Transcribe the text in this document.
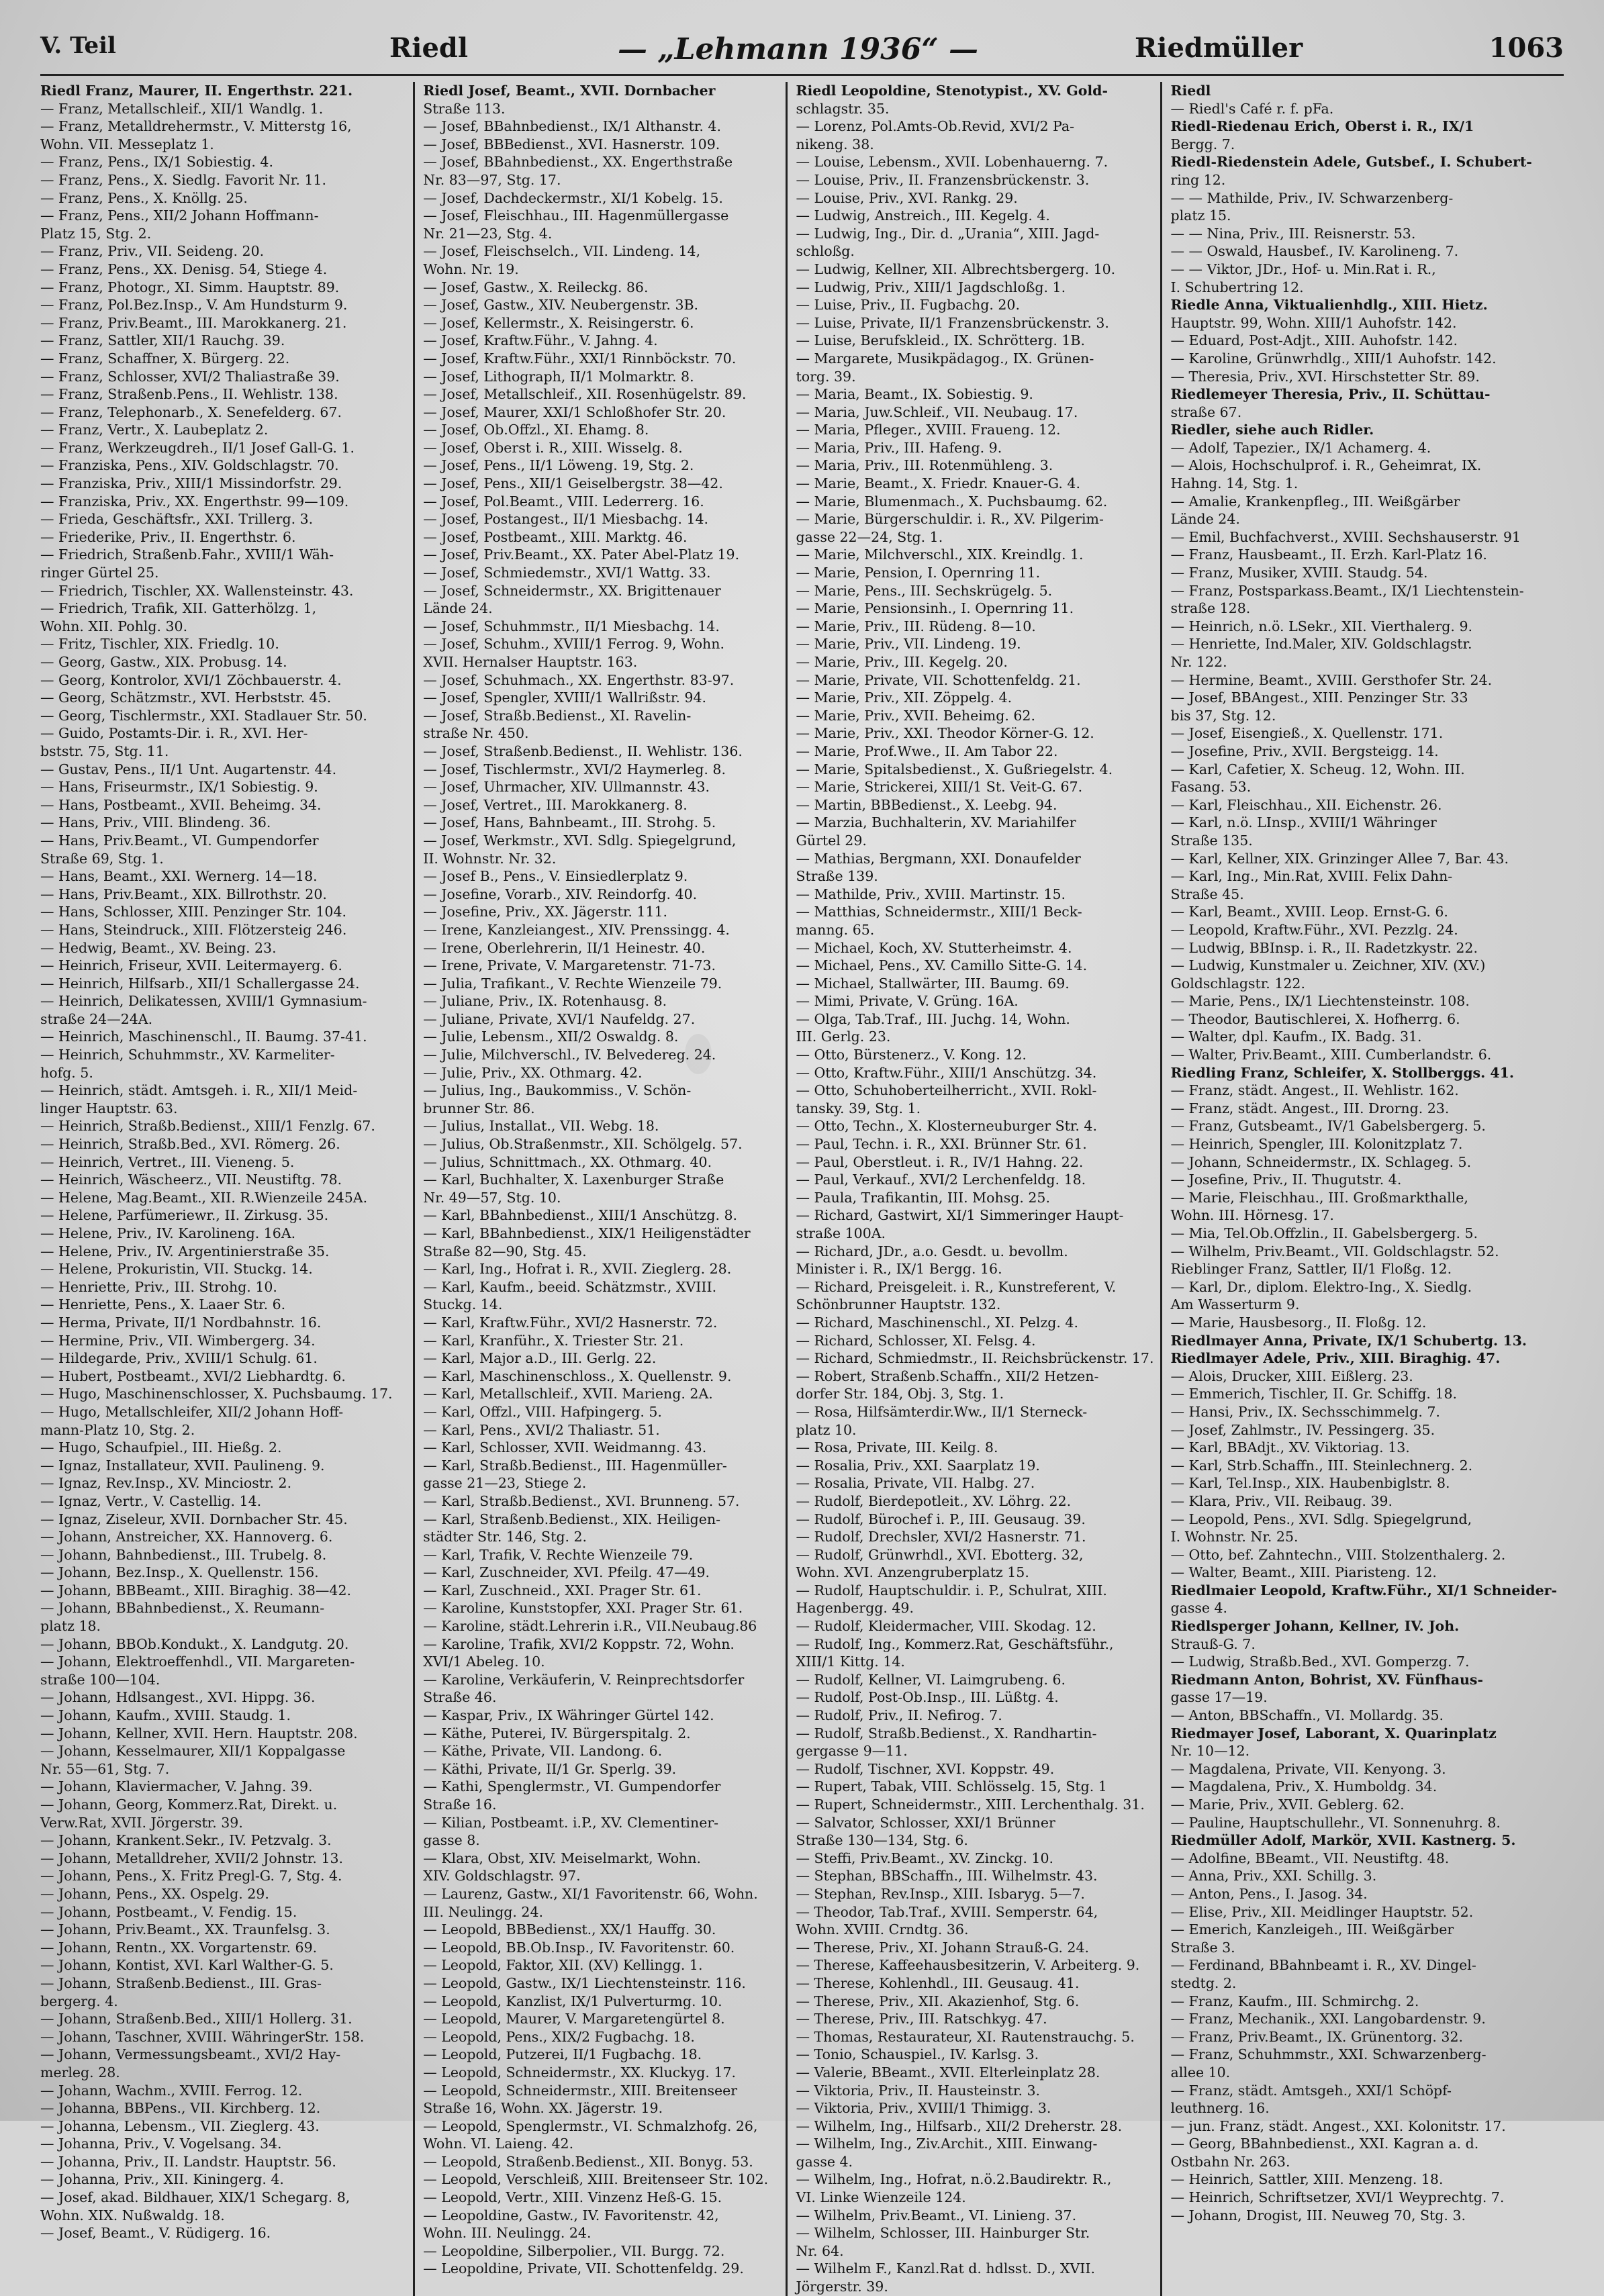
V. Teil	Riedl	— „Lehmann 1936“ —	Riedmüller	1063
Riedl Franz, Maurer, II. Engerthstr. 221.
— Franz, Metallschleif., XII/1 Wandlg. 1.
— Franz, Metalldrehermstr., V. Mitterstg 16,
Wohn. VII. Messeplatz 1.
— Franz, Pens., IX/1 Sobiestig. 4.
— Franz, Pens., X. Siedlg. Favorit Nr. 11.
— Franz, Pens., X. Knöllg. 25.
— Franz, Pens., XII/2 Johann Hoffmann-
Platz 15, Stg. 2.
— Franz, Priv., VII. Seideng. 20.
— Franz, Pens., XX. Denisg. 54, Stiege 4.
— Franz, Photogr., XI. Simm. Hauptstr. 89.
— Franz, Pol.Bez.Insp., V. Am Hundsturm 9.
— Franz, Priv.Beamt., III. Marokkanerg. 21.
— Franz, Sattler, XII/1 Rauchg. 39.
— Franz, Schaffner, X. Bürgerg. 22.
— Franz, Schlosser, XVI/2 Thaliastraße 39.
— Franz, Straßenb.Pens., II. Wehlistr. 138.
— Franz, Telephonarb., X. Senefelderg. 67.
— Franz, Vertr., X. Laubeplatz 2.
— Franz, Werkzeugdreh., II/1 Josef Gall-G. 1.
— Franziska, Pens., XIV. Goldschlagstr. 70.
— Franziska, Priv., XIII/1 Missindorfstr. 29.
— Franziska, Priv., XX. Engerthstr. 99—109.
— Frieda, Geschäftsfr., XXI. Trillerg. 3.
— Friederike, Priv., II. Engerthstr. 6.
— Friedrich, Straßenb.Fahr., XVIII/1 Wäh-
ringer Gürtel 25.
— Friedrich, Tischler, XX. Wallensteinstr. 43.
— Friedrich, Trafik, XII. Gatterhölzg. 1,
Wohn. XII. Pohlg. 30.
— Fritz, Tischler, XIX. Friedlg. 10.
— Georg, Gastw., XIX. Probusg. 14.
— Georg, Kontrolor, XVI/1 Zöchbauerstr. 4.
— Georg, Schätzmstr., XVI. Herbststr. 45.
— Georg, Tischlermstr., XXI. Stadlauer Str. 50.
— Guido, Postamts-Dir. i. R., XVI. Her-
bststr. 75, Stg. 11.
— Gustav, Pens., II/1 Unt. Augartenstr. 44.
— Hans, Friseurmstr., IX/1 Sobiestig. 9.
— Hans, Postbeamt., XVII. Beheimg. 34.
— Hans, Priv., VIII. Blindeng. 36.
— Hans, Priv.Beamt., VI. Gumpendorfer
Straße 69, Stg. 1.
— Hans, Beamt., XXI. Wernerg. 14—18.
— Hans, Priv.Beamt., XIX. Billrothstr. 20.
— Hans, Schlosser, XIII. Penzinger Str. 104.
— Hans, Steindruck., XIII. Flötzersteig 246.
— Hedwig, Beamt., XV. Being. 23.
— Heinrich, Friseur, XVII. Leitermayerg. 6.
— Heinrich, Hilfsarb., XII/1 Schallergasse 24.
— Heinrich, Delikatessen, XVIII/1 Gymnasium-
straße 24—24A.
— Heinrich, Maschinenschl., II. Baumg. 37-41.
— Heinrich, Schuhmmstr., XV. Karmeliter-
hofg. 5.
— Heinrich, städt. Amtsgeh. i. R., XII/1 Meid-
linger Hauptstr. 63.
— Heinrich, Straßb.Bedienst., XIII/1 Fenzlg. 67.
— Heinrich, Straßb.Bed., XVI. Römerg. 26.
— Heinrich, Vertret., III. Vieneng. 5.
— Heinrich, Wäscheerz., VII. Neustiftg. 78.
— Helene, Mag.Beamt., XII. R.Wienzeile 245A.
— Helene, Parfümeriewr., II. Zirkusg. 35.
— Helene, Priv., IV. Karolineng. 16A.
— Helene, Priv., IV. Argentinierstraße 35.
— Helene, Prokuristin, VII. Stuckg. 14.
— Henriette, Priv., III. Strohg. 10.
— Henriette, Pens., X. Laaer Str. 6.
— Herma, Private, II/1 Nordbahnstr. 16.
— Hermine, Priv., VII. Wimbergerg. 34.
— Hildegarde, Priv., XVIII/1 Schulg. 61.
— Hubert, Postbeamt., XVI/2 Liebhardtg. 6.
— Hugo, Maschinenschlosser, X. Puchsbaumg. 17.
— Hugo, Metallschleifer, XII/2 Johann Hoff-
mann-Platz 10, Stg. 2.
— Hugo, Schaufpiel., III. Hießg. 2.
— Ignaz, Installateur, XVII. Paulineng. 9.
— Ignaz, Rev.Insp., XV. Minciostr. 2.
— Ignaz, Vertr., V. Castellig. 14.
— Ignaz, Ziseleur, XVII. Dornbacher Str. 45.
— Johann, Anstreicher, XX. Hannoverg. 6.
— Johann, Bahnbedienst., III. Trubelg. 8.
— Johann, Bez.Insp., X. Quellenstr. 156.
— Johann, BBBeamt., XIII. Biraghig. 38—42.
— Johann, BBahnbedienst., X. Reumann-
platz 18.
— Johann, BBOb.Kondukt., X. Landgutg. 20.
— Johann, Elektroeffenhdl., VII. Margareten-
straße 100—104.
— Johann, Hdlsangest., XVI. Hippg. 36.
— Johann, Kaufm., XVIII. Staudg. 1.
— Johann, Kellner, XVII. Hern. Hauptstr. 208.
— Johann, Kesselmaurer, XII/1 Koppalgasse
Nr. 55—61, Stg. 7.
— Johann, Klaviermacher, V. Jahng. 39.
— Johann, Georg, Kommerz.Rat, Direkt. u.
Verw.Rat, XVII. Jörgerstr. 39.
— Johann, Krankent.Sekr., IV. Petzvalg. 3.
— Johann, Metalldreher, XVII/2 Johnstr. 13.
— Johann, Pens., X. Fritz Pregl-G. 7, Stg. 4.
— Johann, Pens., XX. Ospelg. 29.
— Johann, Postbeamt., V. Fendig. 15.
— Johann, Priv.Beamt., XX. Traunfelsg. 3.
— Johann, Rentn., XX. Vorgartenstr. 69.
— Johann, Kontist, XVI. Karl Walther-G. 5.
— Johann, Straßenb.Bedienst., III. Gras-
bergerg. 4.
— Johann, Straßenb.Bed., XIII/1 Hollerg. 31.
— Johann, Taschner, XVIII. WähringerStr. 158.
— Johann, Vermessungsbeamt., XVI/2 Hay-
merleg. 28.
— Johann, Wachm., XVIII. Ferrog. 12.
— Johanna, BBPens., VII. Kirchberg. 12.
— Johanna, Lebensm., VII. Zieglerg. 43.
— Johanna, Priv., V. Vogelsang. 34.
— Johanna, Priv., II. Landstr. Hauptstr. 56.
— Johanna, Priv., XII. Kiningerg. 4.
— Josef, akad. Bildhauer, XIX/1 Schegarg. 8,
Wohn. XIX. Nußwaldg. 18.
— Josef, Beamt., V. Rüdigerg. 16.
Riedl Josef, Beamt., XVII. Dornbacher
Straße 113.
— Josef, BBahnbedienst., IX/1 Althanstr. 4.
— Josef, BBBedienst., XVI. Hasnerstr. 109.
— Josef, BBahnbedienst., XX. Engerthstraße
Nr. 83—97, Stg. 17.
— Josef, Dachdeckermstr., XI/1 Kobelg. 15.
— Josef, Fleischhau., III. Hagenmüllergasse
Nr. 21—23, Stg. 4.
— Josef, Fleischselch., VII. Lindeng. 14,
Wohn. Nr. 19.
— Josef, Gastw., X. Reileckg. 86.
— Josef, Gastw., XIV. Neubergenstr. 3B.
— Josef, Kellermstr., X. Reisingerstr. 6.
— Josef, Kraftw.Führ., V. Jahng. 4.
— Josef, Kraftw.Führ., XXI/1 Rinnböckstr. 70.
— Josef, Lithograph, II/1 Molmarktr. 8.
— Josef, Metallschleif., XII. Rosenhügelstr. 89.
— Josef, Maurer, XXI/1 Schloßhofer Str. 20.
— Josef, Ob.Offzl., XI. Ehamg. 8.
— Josef, Oberst i. R., XIII. Wisselg. 8.
— Josef, Pens., II/1 Löweng. 19, Stg. 2.
— Josef, Pens., XII/1 Geiselbergstr. 38—42.
— Josef, Pol.Beamt., VIII. Lederrerg. 16.
— Josef, Postangest., II/1 Miesbachg. 14.
— Josef, Postbeamt., XIII. Marktg. 46.
— Josef, Priv.Beamt., XX. Pater Abel-Platz 19.
— Josef, Schmiedemstr., XVI/1 Wattg. 33.
— Josef, Schneidermstr., XX. Brigittenauer
Lände 24.
— Josef, Schuhmmstr., II/1 Miesbachg. 14.
— Josef, Schuhm., XVIII/1 Ferrog. 9, Wohn.
XVII. Hernalser Hauptstr. 163.
— Josef, Schuhmach., XX. Engerthstr. 83-97.
— Josef, Spengler, XVIII/1 Wallrißstr. 94.
— Josef, Straßb.Bedienst., XI. Ravelin-
straße Nr. 450.
— Josef, Straßenb.Bedienst., II. Wehlistr. 136.
— Josef, Tischlermstr., XVI/2 Haymerleg. 8.
— Josef, Uhrmacher, XIV. Ullmannstr. 43.
— Josef, Vertret., III. Marokkanerg. 8.
— Josef, Hans, Bahnbeamt., III. Strohg. 5.
— Josef, Werkmstr., XVI. Sdlg. Spiegelgrund,
II. Wohnstr. Nr. 32.
— Josef B., Pens., V. Einsiedlerplatz 9.
— Josefine, Vorarb., XIV. Reindorfg. 40.
— Josefine, Priv., XX. Jägerstr. 111.
— Irene, Kanzleiangest., XIV. Prenssingg. 4.
— Irene, Oberlehrerin, II/1 Heinestr. 40.
— Irene, Private, V. Margaretenstr. 71-73.
— Julia, Trafikant., V. Rechte Wienzeile 79.
— Juliane, Priv., IX. Rotenhausg. 8.
— Juliane, Private, XVI/1 Naufeldg. 27.
— Julie, Lebensm., XII/2 Oswaldg. 8.
— Julie, Milchverschl., IV. Belvedereg. 24.
— Julie, Priv., XX. Othmarg. 42.
— Julius, Ing., Baukommiss., V. Schön-
brunner Str. 86.
— Julius, Installat., VII. Webg. 18.
— Julius, Ob.Straßenmstr., XII. Schölgelg. 57.
— Julius, Schnittmach., XX. Othmarg. 40.
— Karl, Buchhalter, X. Laxenburger Straße
Nr. 49—57, Stg. 10.
— Karl, BBahnbedienst., XIII/1 Anschützg. 8.
— Karl, BBahnbedienst., XIX/1 Heiligenstädter
Straße 82—90, Stg. 45.
— Karl, Ing., Hofrat i. R., XVII. Zieglerg. 28.
— Karl, Kaufm., beeid. Schätzmstr., XVIII.
Stuckg. 14.
— Karl, Kraftw.Führ., XVI/2 Hasnerstr. 72.
— Karl, Kranführ., X. Triester Str. 21.
— Karl, Major a.D., III. Gerlg. 22.
— Karl, Maschinenschloss., X. Quellenstr. 9.
— Karl, Metallschleif., XVII. Marieng. 2A.
— Karl, Offzl., VIII. Hafpingerg. 5.
— Karl, Pens., XVI/2 Thaliastr. 51.
— Karl, Schlosser, XVII. Weidmanng. 43.
— Karl, Straßb.Bedienst., III. Hagenmüller-
gasse 21—23, Stiege 2.
— Karl, Straßb.Bedienst., XVI. Brunneng. 57.
— Karl, Straßenb.Bedienst., XIX. Heiligen-
städter Str. 146, Stg. 2.
— Karl, Trafik, V. Rechte Wienzeile 79.
— Karl, Zuschneider, XVI. Pfeilg. 47—49.
— Karl, Zuschneid., XXI. Prager Str. 61.
— Karoline, Kunststopfer, XXI. Prager Str. 61.
— Karoline, städt.Lehrerin i.R., VII.Neubaug.86
— Karoline, Trafik, XVI/2 Koppstr. 72, Wohn.
XVI/1 Abeleg. 10.
— Karoline, Verkäuferin, V. Reinprechtsdorfer
Straße 46.
— Kaspar, Priv., IX Währinger Gürtel 142.
— Käthe, Puterei, IV. Bürgerspitalg. 2.
— Käthe, Private, VII. Landong. 6.
— Käthi, Private, II/1 Gr. Sperlg. 39.
— Kathi, Spenglermstr., VI. Gumpendorfer
Straße 16.
— Kilian, Postbeamt. i.P., XV. Clementiner-
gasse 8.
— Klara, Obst, XIV. Meiselmarkt, Wohn.
XIV. Goldschlagstr. 97.
— Laurenz, Gastw., XI/1 Favoritenstr. 66, Wohn.
III. Neulingg. 24.
— Leopold, BBBedienst., XX/1 Hauffg. 30.
— Leopold, BB.Ob.Insp., IV. Favoritenstr. 60.
— Leopold, Faktor, XII. (XV) Kellingg. 1.
— Leopold, Gastw., IX/1 Liechtensteinstr. 116.
— Leopold, Kanzlist, IX/1 Pulverturmg. 10.
— Leopold, Maurer, V. Margaretengürtel 8.
— Leopold, Pens., XIX/2 Fugbachg. 18.
— Leopold, Putzerei, II/1 Fugbachg. 18.
— Leopold, Schneidermstr., XX. Kluckyg. 17.
— Leopold, Schneidermstr., XIII. Breitenseer
Straße 16, Wohn. XX. Jägerstr. 19.
— Leopold, Spenglermstr., VI. Schmalzhofg. 26,
Wohn. VI. Laieng. 42.
— Leopold, Straßenb.Bedienst., XII. Bonyg. 53.
— Leopold, Verschleiß, XIII. Breitenseer Str. 102.
— Leopold, Vertr., XIII. Vinzenz Heß-G. 15.
— Leopoldine, Gastw., IV. Favoritenstr. 42,
Wohn. III. Neulingg. 24.
— Leopoldine, Silberpolier., VII. Burgg. 72.
— Leopoldine, Private, VII. Schottenfeldg. 29.
Riedl Leopoldine, Stenotypist., XV. Gold-
schlagstr. 35.
— Lorenz, Pol.Amts-Ob.Revid, XVI/2 Pa-
nikeng. 38.
— Louise, Lebensm., XVII. Lobenhauerng. 7.
— Louise, Priv., II. Franzensbrückenstr. 3.
— Louise, Priv., XVI. Rankg. 29.
— Ludwig, Anstreich., III. Kegelg. 4.
— Ludwig, Ing., Dir. d. „Urania“, XIII. Jagd-
schloßg.
— Ludwig, Kellner, XII. Albrechtsbergerg. 10.
— Ludwig, Priv., XIII/1 Jagdschloßg. 1.
— Luise, Priv., II. Fugbachg. 20.
— Luise, Private, II/1 Franzensbrückenstr. 3.
— Luise, Berufskleid., IX. Schrötterg. 1B.
— Margarete, Musikpädagog., IX. Grünen-
torg. 39.
— Maria, Beamt., IX. Sobiestig. 9.
— Maria, Juw.Schleif., VII. Neubaug. 17.
— Maria, Pfleger., XVIII. Fraueng. 12.
— Maria, Priv., III. Hafeng. 9.
— Maria, Priv., III. Rotenmühleng. 3.
— Marie, Beamt., X. Friedr. Knauer-G. 4.
— Marie, Blumenmach., X. Puchsbaumg. 62.
— Marie, Bürgerschuldir. i. R., XV. Pilgerim-
gasse 22—24, Stg. 1.
— Marie, Milchverschl., XIX. Kreindlg. 1.
— Marie, Pension, I. Opernring 11.
— Marie, Pens., III. Sechskrügelg. 5.
— Marie, Pensionsinh., I. Opernring 11.
— Marie, Priv., III. Rüdeng. 8—10.
— Marie, Priv., VII. Lindeng. 19.
— Marie, Priv., III. Kegelg. 20.
— Marie, Private, VII. Schottenfeldg. 21.
— Marie, Priv., XII. Zöppelg. 4.
— Marie, Priv., XVII. Beheimg. 62.
— Marie, Priv., XXI. Theodor Körner-G. 12.
— Marie, Prof.Wwe., II. Am Tabor 22.
— Marie, Spitalsbedienst., X. Gußriegelstr. 4.
— Marie, Strickerei, XIII/1 St. Veit-G. 67.
— Martin, BBBedienst., X. Leebg. 94.
— Marzia, Buchhalterin, XV. Mariahilfer
Gürtel 29.
— Mathias, Bergmann, XXI. Donaufelder
Straße 139.
— Mathilde, Priv., XVIII. Martinstr. 15.
— Matthias, Schneidermstr., XIII/1 Beck-
manng. 65.
— Michael, Koch, XV. Stutterheimstr. 4.
— Michael, Pens., XV. Camillo Sitte-G. 14.
— Michael, Stallwärter, III. Baumg. 69.
— Mimi, Private, V. Grüng. 16A.
— Olga, Tab.Traf., III. Juchg. 14, Wohn.
III. Gerlg. 23.
— Otto, Bürstenerz., V. Kong. 12.
— Otto, Kraftw.Führ., XIII/1 Anschützg. 34.
— Otto, Schuhoberteilherricht., XVII. Rokl-
tansky. 39, Stg. 1.
— Otto, Techn., X. Klosterneuburger Str. 4.
— Paul, Techn. i. R., XXI. Brünner Str. 61.
— Paul, Oberstleut. i. R., IV/1 Hahng. 22.
— Paul, Verkauf., XVI/2 Lerchenfeldg. 18.
— Paula, Trafikantin, III. Mohsg. 25.
— Richard, Gastwirt, XI/1 Simmeringer Haupt-
straße 100A.
— Richard, JDr., a.o. Gesdt. u. bevollm.
Minister i. R., IX/1 Bergg. 16.
— Richard, Preisgeleit. i. R., Kunstreferent, V.
Schönbrunner Hauptstr. 132.
— Richard, Maschinenschl., XI. Pelzg. 4.
— Richard, Schlosser, XI. Felsg. 4.
— Richard, Schmiedmstr., II. Reichsbrückenstr. 17.
— Robert, Straßenb.Schaffn., XII/2 Hetzen-
dorfer Str. 184, Obj. 3, Stg. 1.
— Rosa, Hilfsämterdir.Ww., II/1 Sterneck-
platz 10.
— Rosa, Private, III. Keilg. 8.
— Rosalia, Priv., XXI. Saarplatz 19.
— Rosalia, Private, VII. Halbg. 27.
— Rudolf, Bierdepotleit., XV. Löhrg. 22.
— Rudolf, Bürochef i. P., III. Geusaug. 39.
— Rudolf, Drechsler, XVI/2 Hasnerstr. 71.
— Rudolf, Grünwrhdl., XVI. Ebotterg. 32,
Wohn. XVI. Anzengruberplatz 15.
— Rudolf, Hauptschuldir. i. P., Schulrat, XIII.
Hagenbergg. 49.
— Rudolf, Kleidermacher, VIII. Skodag. 12.
— Rudolf, Ing., Kommerz.Rat, Geschäftsführ.,
XIII/1 Kittg. 14.
— Rudolf, Kellner, VI. Laimgrubeng. 6.
— Rudolf, Post-Ob.Insp., III. Lüßtg. 4.
— Rudolf, Priv., II. Nefirog. 7.
— Rudolf, Straßb.Bedienst., X. Randhartin-
gergasse 9—11.
— Rudolf, Tischner, XVI. Koppstr. 49.
— Rupert, Tabak, VIII. Schlösselg. 15, Stg. 1
— Rupert, Schneidermstr., XIII. Lerchenthalg. 31.
— Salvator, Schlosser, XXI/1 Brünner
Straße 130—134, Stg. 6.
— Steffi, Priv.Beamt., XV. Zinckg. 10.
— Stephan, BBSchaffn., III. Wilhelmstr. 43.
— Stephan, Rev.Insp., XIII. Isbaryg. 5—7.
— Theodor, Tab.Traf., XVIII. Semperstr. 64,
Wohn. XVIII. Crndtg. 36.
— Therese, Priv., XI. Johann Strauß-G. 24.
— Therese, Kaffeehausbesitzerin, V. Arbeiterg. 9.
— Therese, Kohlenhdl., III. Geusaug. 41.
— Therese, Priv., XII. Akazienhof, Stg. 6.
— Therese, Priv., III. Ratschkyg. 47.
— Thomas, Restaurateur, XI. Rautenstrauchg. 5.
— Tonio, Schauspiel., IV. Karlsg. 3.
— Valerie, BBeamt., XVII. Elterleinplatz 28.
— Viktoria, Priv., II. Hausteinstr. 3.
— Viktoria, Priv., XVIII/1 Thimigg. 3.
— Wilhelm, Ing., Hilfsarb., XII/2 Dreherstr. 28.
— Wilhelm, Ing., Ziv.Archit., XIII. Einwang-
gasse 4.
— Wilhelm, Ing., Hofrat, n.ö.2.Baudirektr. R.,
VI. Linke Wienzeile 124.
— Wilhelm, Priv.Beamt., VI. Linieng. 37.
— Wilhelm, Schlosser, III. Hainburger Str.
Nr. 64.
— Wilhelm F., Kanzl.Rat d. hdlsst. D., XVII.
Jörgerstr. 39.
Riedl
— Riedl's Café r. f. pFa.
Riedl-Riedenau Erich, Oberst i. R., IX/1
Bergg. 7.
Riedl-Riedenstein Adele, Gutsbef., I. Schubert-
ring 12.
— — Mathilde, Priv., IV. Schwarzenberg-
platz 15.
— — Nina, Priv., III. Reisnerstr. 53.
— — Oswald, Hausbef., IV. Karolineng. 7.
— — Viktor, JDr., Hof- u. Min.Rat i. R.,
I. Schubertring 12.
Riedle Anna, Viktualienhdlg., XIII. Hietz.
Hauptstr. 99, Wohn. XIII/1 Auhofstr. 142.
— Eduard, Post-Adjt., XIII. Auhofstr. 142.
— Karoline, Grünwrhdlg., XIII/1 Auhofstr. 142.
— Theresia, Priv., XVI. Hirschstetter Str. 89.
Riedlemeyer Theresia, Priv., II. Schüttau-
straße 67.
Riedler, siehe auch Ridler.
— Adolf, Tapezier., IX/1 Achamerg. 4.
— Alois, Hochschulprof. i. R., Geheimrat, IX.
Hahng. 14, Stg. 1.
— Amalie, Krankenpfleg., III. Weißgärber
Lände 24.
— Emil, Buchfachverst., XVIII. Sechshauserstr. 91
— Franz, Hausbeamt., II. Erzh. Karl-Platz 16.
— Franz, Musiker, XVIII. Staudg. 54.
— Franz, Postsparkass.Beamt., IX/1 Liechtenstein-
straße 128.
— Heinrich, n.ö. LSekr., XII. Vierthalerg. 9.
— Henriette, Ind.Maler, XIV. Goldschlagstr.
Nr. 122.
— Hermine, Beamt., XVIII. Gersthofer Str. 24.
— Josef, BBAngest., XIII. Penzinger Str. 33
bis 37, Stg. 12.
— Josef, Eisengieß., X. Quellenstr. 171.
— Josefine, Priv., XVII. Bergsteigg. 14.
— Karl, Cafetier, X. Scheug. 12, Wohn. III.
Fasang. 53.
— Karl, Fleischhau., XII. Eichenstr. 26.
— Karl, n.ö. LInsp., XVIII/1 Währinger
Straße 135.
— Karl, Kellner, XIX. Grinzinger Allee 7, Bar. 43.
— Karl, Ing., Min.Rat, XVIII. Felix Dahn-
Straße 45.
— Karl, Beamt., XVIII. Leop. Ernst-G. 6.
— Leopold, Kraftw.Führ., XVI. Pezzlg. 24.
— Ludwig, BBInsp. i. R., II. Radetzkystr. 22.
— Ludwig, Kunstmaler u. Zeichner, XIV. (XV.)
Goldschlagstr. 122.
— Marie, Pens., IX/1 Liechtensteinstr. 108.
— Theodor, Bautischlerei, X. Hofherrg. 6.
— Walter, dpl. Kaufm., IX. Badg. 31.
— Walter, Priv.Beamt., XIII. Cumberlandstr. 6.
Riedling Franz, Schleifer, X. Stollberggs. 41.
— Franz, städt. Angest., II. Wehlistr. 162.
— Franz, städt. Angest., III. Drorng. 23.
— Franz, Gutsbeamt., IV/1 Gabelsbergerg. 5.
— Heinrich, Spengler, III. Kolonitzplatz 7.
— Johann, Schneidermstr., IX. Schlageg. 5.
— Josefine, Priv., II. Thugutstr. 4.
— Marie, Fleischhau., III. Großmarkthalle,
Wohn. III. Hörnesg. 17.
— Mia, Tel.Ob.Offzlin., II. Gabelsbergerg. 5.
— Wilhelm, Priv.Beamt., VII. Goldschlagstr. 52.
Rieblinger Franz, Sattler, II/1 Floßg. 12.
— Karl, Dr., diplom. Elektro-Ing., X. Siedlg.
Am Wasserturm 9.
— Marie, Hausbesorg., II. Floßg. 12.
Riedlmayer Anna, Private, IX/1 Schubertg. 13.
Riedlmayer Adele, Priv., XIII. Biraghig. 47.
— Alois, Drucker, XIII. Eißlerg. 23.
— Emmerich, Tischler, II. Gr. Schiffg. 18.
— Hansi, Priv., IX. Sechsschimmelg. 7.
— Josef, Zahlmstr., IV. Pessingerg. 35.
— Karl, BBAdjt., XV. Viktoriag. 13.
— Karl, Strb.Schaffn., III. Steinlechnerg. 2.
— Karl, Tel.Insp., XIX. Haubenbiglstr. 8.
— Klara, Priv., VII. Reibaug. 39.
— Leopold, Pens., XVI. Sdlg. Spiegelgrund,
I. Wohnstr. Nr. 25.
— Otto, bef. Zahntechn., VIII. Stolzenthalerg. 2.
— Walter, Beamt., XIII. Piaristeng. 12.
Riedlmaier Leopold, Kraftw.Führ., XI/1 Schneider-
gasse 4.
Riedlsperger Johann, Kellner, IV. Joh.
Strauß-G. 7.
— Ludwig, Straßb.Bed., XVI. Gomperzg. 7.
Riedmann Anton, Bohrist, XV. Fünfhaus-
gasse 17—19.
— Anton, BBSchaffn., VI. Mollardg. 35.
Riedmayer Josef, Laborant, X. Quarinplatz
Nr. 10—12.
— Magdalena, Private, VII. Kenyong. 3.
— Magdalena, Priv., X. Humboldg. 34.
— Marie, Priv., XVII. Geblerg. 62.
— Pauline, Hauptschullehr., VI. Sonnenuhrg. 8.
Riedmüller Adolf, Markör, XVII. Kastnerg. 5.
— Adolfine, BBeamt., VII. Neustiftg. 48.
— Anna, Priv., XXI. Schillg. 3.
— Anton, Pens., I. Jasog. 34.
— Elise, Priv., XII. Meidlinger Hauptstr. 52.
— Emerich, Kanzleigeh., III. Weißgärber
Straße 3.
— Ferdinand, BBahnbeamt i. R., XV. Dingel-
stedtg. 2.
— Franz, Kaufm., III. Schmirchg. 2.
— Franz, Mechanik., XXI. Langobardenstr. 9.
— Franz, Priv.Beamt., IX. Grünentorg. 32.
— Franz, Schuhmmstr., XXI. Schwarzenberg-
allee 10.
— Franz, städt. Amtsgeh., XXI/1 Schöpf-
leuthnerg. 16.
— jun. Franz, städt. Angest., XXI. Kolonitstr. 17.
— Georg, BBahnbedienst., XXI. Kagran a. d.
Ostbahn Nr. 263.
— Heinrich, Sattler, XIII. Menzeng. 18.
— Heinrich, Schriftsetzer, XVI/1 Weyprechtg. 7.
— Johann, Drogist, III. Neuweg 70, Stg. 3.
